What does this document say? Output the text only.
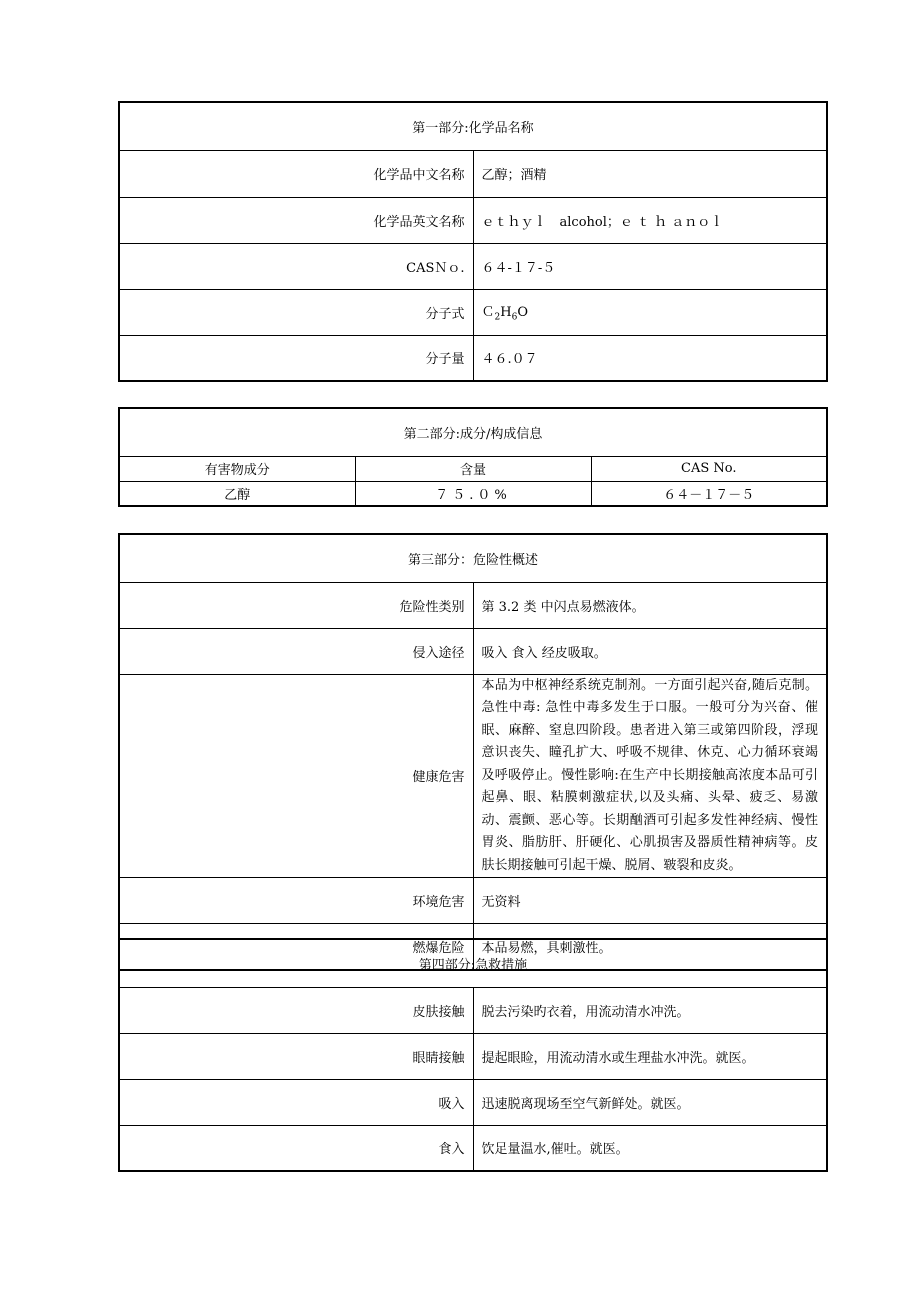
第一部分:化学品名称	
化学品中文名称	乙醇；酒精
化学品英文名称	ｅｔｈｙｌ　alcohol；ｅ ｔ ｈ ａｎｏｌ
CASＮｏ.	６４-１７-５
分子式	$C_2H_6O$
分子量	４６.０７
第二部分:成分/构成信息		
有害物成分	含量	CAS No.
乙醇	７５.０%	６４－１７－５
第三部分：危险性概述	
危险性类别	第 3.2 类 中闪点易燃液体。
侵入途径	吸入 食入 经皮吸取。
健康危害	本品为中枢神经系统克制剂。一方面引起兴奋,随后克制。急性中毒: 急性中毒多发生于口服。一般可分为兴奋、催眠、麻醉、窒息四阶段。患者进入第三或第四阶段，浮现意识丧失、瞳孔扩大、呼吸不规律、休克、心力循环衰竭及呼吸停止。慢性影响:在生产中长期接触高浓度本品可引起鼻、眼、粘膜刺激症状,以及头痛、头晕、疲乏、易激动、震颤、恶心等。长期酗酒可引起多发性神经病、慢性胃炎、脂肪肝、肝硬化、心肌损害及器质性精神病等。皮肤长期接触可引起干燥、脱屑、皲裂和皮炎。
环境危害	无资料
燃爆危险	本品易燃，具刺激性。
第四部分:急救措施	
皮肤接触	脱去污染旳衣着，用流动清水冲洗。
眼睛接触	提起眼睑，用流动清水或生理盐水冲洗。就医。
吸入	迅速脱离现场至空气新鲜处。就医。
食入	饮足量温水,催吐。就医。
